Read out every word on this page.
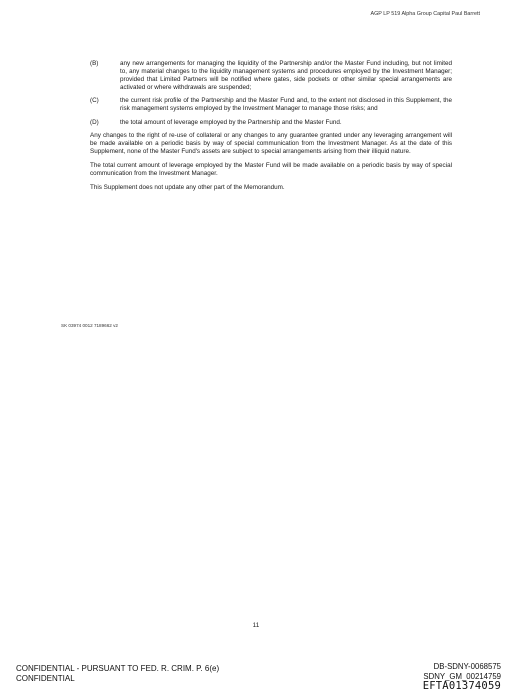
AGP LP 519 Alpha Group Capital Paul Barrett
(B)	any new arrangements for managing the liquidity of the Partnership and/or the Master Fund including, but not limited to, any material changes to the liquidity management systems and procedures employed by the Investment Manager; provided that Limited Partners will be notified where gates, side pockets or other similar special arrangements are activated or where withdrawals are suspended;
(C)	the current risk profile of the Partnership and the Master Fund and, to the extent not disclosed in this Supplement, the risk management systems employed by the Investment Manager to manage those risks; and
(D)	the total amount of leverage employed by the Partnership and the Master Fund.

Any changes to the right of re-use of collateral or any changes to any guarantee granted under any leveraging arrangement will be made available on a periodic basis by way of special communication from the Investment Manager. As at the date of this Supplement, none of the Master Fund's assets are subject to special arrangements arising from their illiquid nature.

The total current amount of leverage employed by the Master Fund will be made available on a periodic basis by way of special communication from the Investment Manager.

This Supplement does not update any other part of the Memorandum.

SK 03974 0012 7189662 v2
11
CONFIDENTIAL - PURSUANT TO FED. R. CRIM. P. 6(e)
CONFIDENTIAL
DB-SDNY-0068575
SDNY_GM_00214759
EFTA01374059
